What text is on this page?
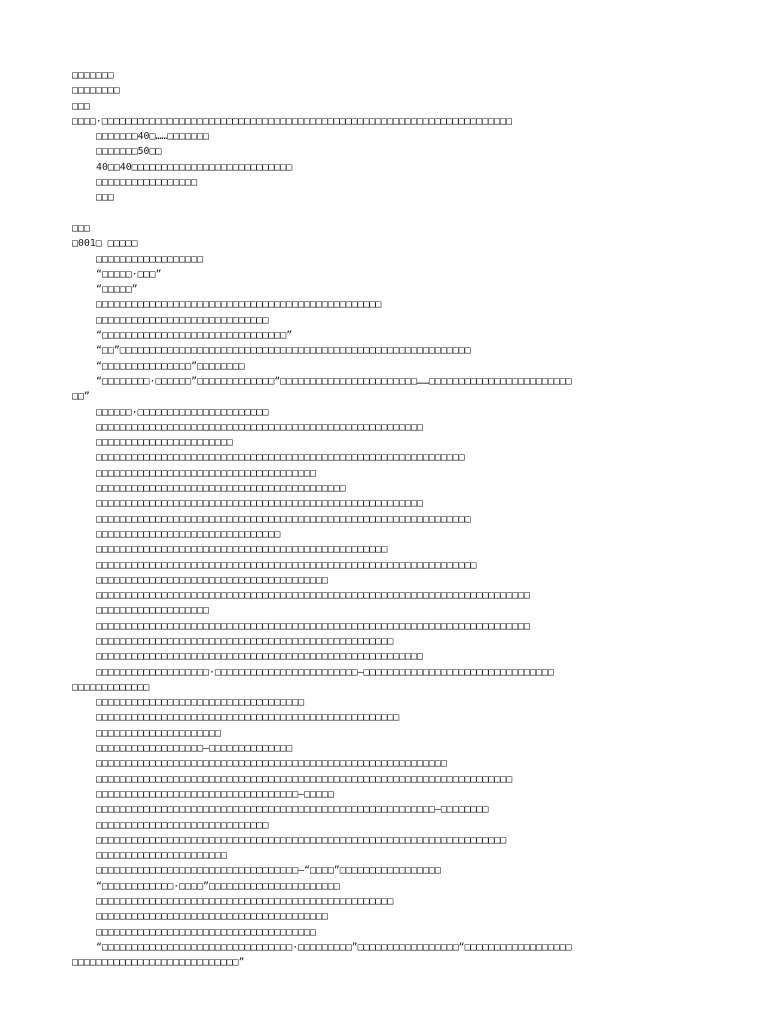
□□□□□□□
□□□□□□□□
□□□
□□□□·□□□□□□□□□□□□□□□□□□□□□□□□□□□□□□□□□□□□□□□□□□□□□□□□□□□□□□□□□□□□□□□□□□□□□
□□□□□□□40□……□□□□□□□
□□□□□□□50□□
40□□40□□□□□□□□□□□□□□□□□□□□□□□□□□□
□□□□□□□□□□□□□□□□□
□□□
□□□
□001□ □□□□□
□□□□□□□□□□□□□□□□□□
“□□□□□·□□□”
“□□□□□”
□□□□□□□□□□□□□□□□□□□□□□□□□□□□□□□□□□□□□□□□□□□□□□□□
□□□□□□□□□□□□□□□□□□□□□□□□□□□□□
“□□□□□□□□□□□□□□□□□□□□□□□□□□□□□□□”
“□□”□□□□□□□□□□□□□□□□□□□□□□□□□□□□□□□□□□□□□□□□□□□□□□□□□□□□□□□□□□□
“□□□□□□□□□□□□□□□”□□□□□□□□
“□□□□□□□□·□□□□□□”□□□□□□□□□□□□□“□□□□□□□□□□□□□□□□□□□□□□□……□□□□□□□□□□□□□□□□□□□□□□□□
□□”
□□□□□□·□□□□□□□□□□□□□□□□□□□□□□
□□□□□□□□□□□□□□□□□□□□□□□□□□□□□□□□□□□□□□□□□□□□□□□□□□□□□□□
□□□□□□□□□□□□□□□□□□□□□□□
□□□□□□□□□□□□□□□□□□□□□□□□□□□□□□□□□□□□□□□□□□□□□□□□□□□□□□□□□□□□□□
□□□□□□□□□□□□□□□□□□□□□□□□□□□□□□□□□□□□□
□□□□□□□□□□□□□□□□□□□□□□□□□□□□□□□□□□□□□□□□□□
□□□□□□□□□□□□□□□□□□□□□□□□□□□□□□□□□□□□□□□□□□□□□□□□□□□□□□□
□□□□□□□□□□□□□□□□□□□□□□□□□□□□□□□□□□□□□□□□□□□□□□□□□□□□□□□□□□□□□□□
□□□□□□□□□□□□□□□□□□□□□□□□□□□□□□□
□□□□□□□□□□□□□□□□□□□□□□□□□□□□□□□□□□□□□□□□□□□□□□□□□
□□□□□□□□□□□□□□□□□□□□□□□□□□□□□□□□□□□□□□□□□□□□□□□□□□□□□□□□□□□□□□□□
□□□□□□□□□□□□□□□□□□□□□□□□□□□□□□□□□□□□□□□
□□□□□□□□□□□□□□□□□□□□□□□□□□□□□□□□□□□□□□□□□□□□□□□□□□□□□□□□□□□□□□□□□□□□□□□□□
□□□□□□□□□□□□□□□□□□□
□□□□□□□□□□□□□□□□□□□□□□□□□□□□□□□□□□□□□□□□□□□□□□□□□□□□□□□□□□□□□□□□□□□□□□□□□
□□□□□□□□□□□□□□□□□□□□□□□□□□□□□□□□□□□□□□□□□□□□□□□□□□
□□□□□□□□□□□□□□□□□□□□□□□□□□□□□□□□□□□□□□□□□□□□□□□□□□□□□□□
□□□□□□□□□□□□□□□□□□□·□□□□□□□□□□□□□□□□□□□□□□□□—□□□□□□□□□□□□□□□□□□□□□□□□□□□□□□□□
□□□□□□□□□□□□□
□□□□□□□□□□□□□□□□□□□□□□□□□□□□□□□□□□□
□□□□□□□□□□□□□□□□□□□□□□□□□□□□□□□□□□□□□□□□□□□□□□□□□□□
□□□□□□□□□□□□□□□□□□□□□
□□□□□□□□□□□□□□□□□□—□□□□□□□□□□□□□□
□□□□□□□□□□□□□□□□□□□□□□□□□□□□□□□□□□□□□□□□□□□□□□□□□□□□□□□□□□□
□□□□□□□□□□□□□□□□□□□□□□□□□□□□□□□□□□□□□□□□□□□□□□□□□□□□□□□□□□□□□□□□□□□□□□
□□□□□□□□□□□□□□□□□□□□□□□□□□□□□□□□□□—□□□□□
□□□□□□□□□□□□□□□□□□□□□□□□□□□□□□□□□□□□□□□□□□□□□□□□□□□□□□□□□—□□□□□□□□
□□□□□□□□□□□□□□□□□□□□□□□□□□□□□
□□□□□□□□□□□□□□□□□□□□□□□□□□□□□□□□□□□□□□□□□□□□□□□□□□□□□□□□□□□□□□□□□□□□□
□□□□□□□□□□□□□□□□□□□□□□
□□□□□□□□□□□□□□□□□□□□□□□□□□□□□□□□□□—“□□□□”□□□□□□□□□□□□□□□□□
“□□□□□□□□□□□□·□□□□”□□□□□□□□□□□□□□□□□□□□□□
□□□□□□□□□□□□□□□□□□□□□□□□□□□□□□□□□□□□□□□□□□□□□□□□□□
□□□□□□□□□□□□□□□□□□□□□□□□□□□□□□□□□□□□□□□
□□□□□□□□□□□□□□□□□□□□□□□□□□□□□□□□□□□□□
“□□□□□□□□□□□□□□□□□□□□□□□□□□□□□□□□·□□□□□□□□□”□□□□□□□□□□□□□□□□□“□□□□□□□□□□□□□□□□□□
□□□□□□□□□□□□□□□□□□□□□□□□□□□□”
